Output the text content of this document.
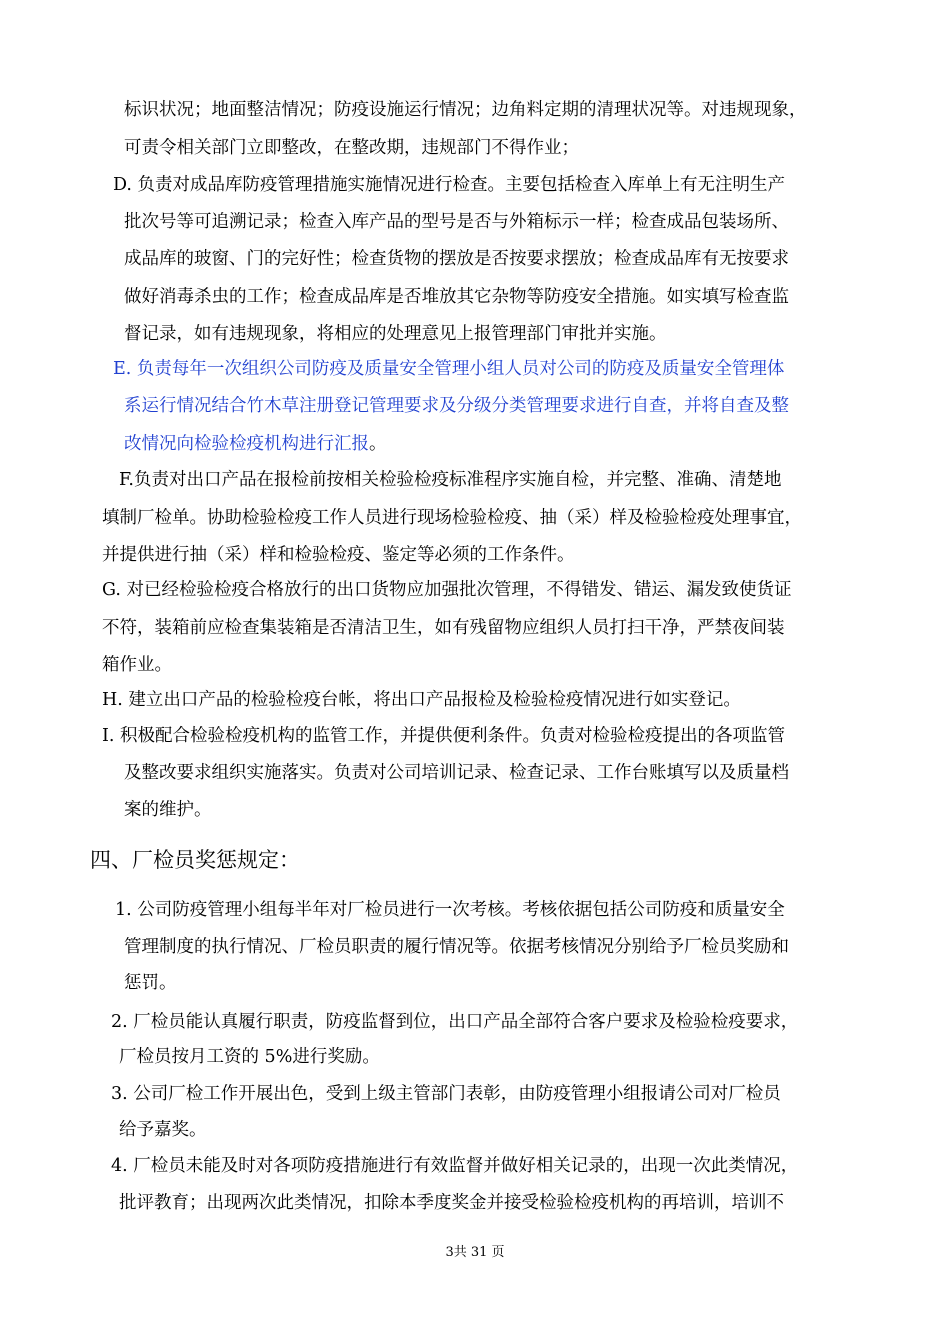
标识状况；地面整洁情况；防疫设施运行情况；边角料定期的清理状况等。对违规现象，
可责令相关部门立即整改，在整改期，违规部门不得作业；
D. 负责对成品库防疫管理措施实施情况进行检查。主要包括检查入库单上有无注明生产
批次号等可追溯记录；检查入库产品的型号是否与外箱标示一样；检查成品包装场所、
成品库的玻窗、门的完好性；检查货物的摆放是否按要求摆放；检查成品库有无按要求
做好消毒杀虫的工作；检查成品库是否堆放其它杂物等防疫安全措施。如实填写检查监
督记录，如有违规现象，将相应的处理意见上报管理部门审批并实施。
E. 负责每年一次组织公司防疫及质量安全管理小组人员对公司的防疫及质量安全管理体
系运行情况结合竹木草注册登记管理要求及分级分类管理要求进行自查，并将自查及整
改情况向检验检疫机构进行汇报。
F.负责对出口产品在报检前按相关检验检疫标准程序实施自检，并完整、准确、清楚地
填制厂检单。协助检验检疫工作人员进行现场检验检疫、抽（采）样及检验检疫处理事宜，
并提供进行抽（采）样和检验检疫、鉴定等必须的工作条件。
G. 对已经检验检疫合格放行的出口货物应加强批次管理，不得错发、错运、漏发致使货证
不符，装箱前应检查集装箱是否清洁卫生，如有残留物应组织人员打扫干净，严禁夜间装
箱作业。
H. 建立出口产品的检验检疫台帐，将出口产品报检及检验检疫情况进行如实登记。
I. 积极配合检验检疫机构的监管工作，并提供便利条件。负责对检验检疫提出的各项监管
及整改要求组织实施落实。负责对公司培训记录、检查记录、工作台账填写以及质量档
案的维护。
四、厂检员奖惩规定：
1. 公司防疫管理小组每半年对厂检员进行一次考核。考核依据包括公司防疫和质量安全
管理制度的执行情况、厂检员职责的履行情况等。依据考核情况分别给予厂检员奖励和
惩罚。
2. 厂检员能认真履行职责，防疫监督到位，出口产品全部符合客户要求及检验检疫要求，
厂检员按月工资的 5%进行奖励。
3. 公司厂检工作开展出色，受到上级主管部门表彰，由防疫管理小组报请公司对厂检员
给予嘉奖。
4. 厂检员未能及时对各项防疫措施进行有效监督并做好相关记录的，出现一次此类情况，
批评教育；出现两次此类情况，扣除本季度奖金并接受检验检疫机构的再培训，培训不
3共 31 页
